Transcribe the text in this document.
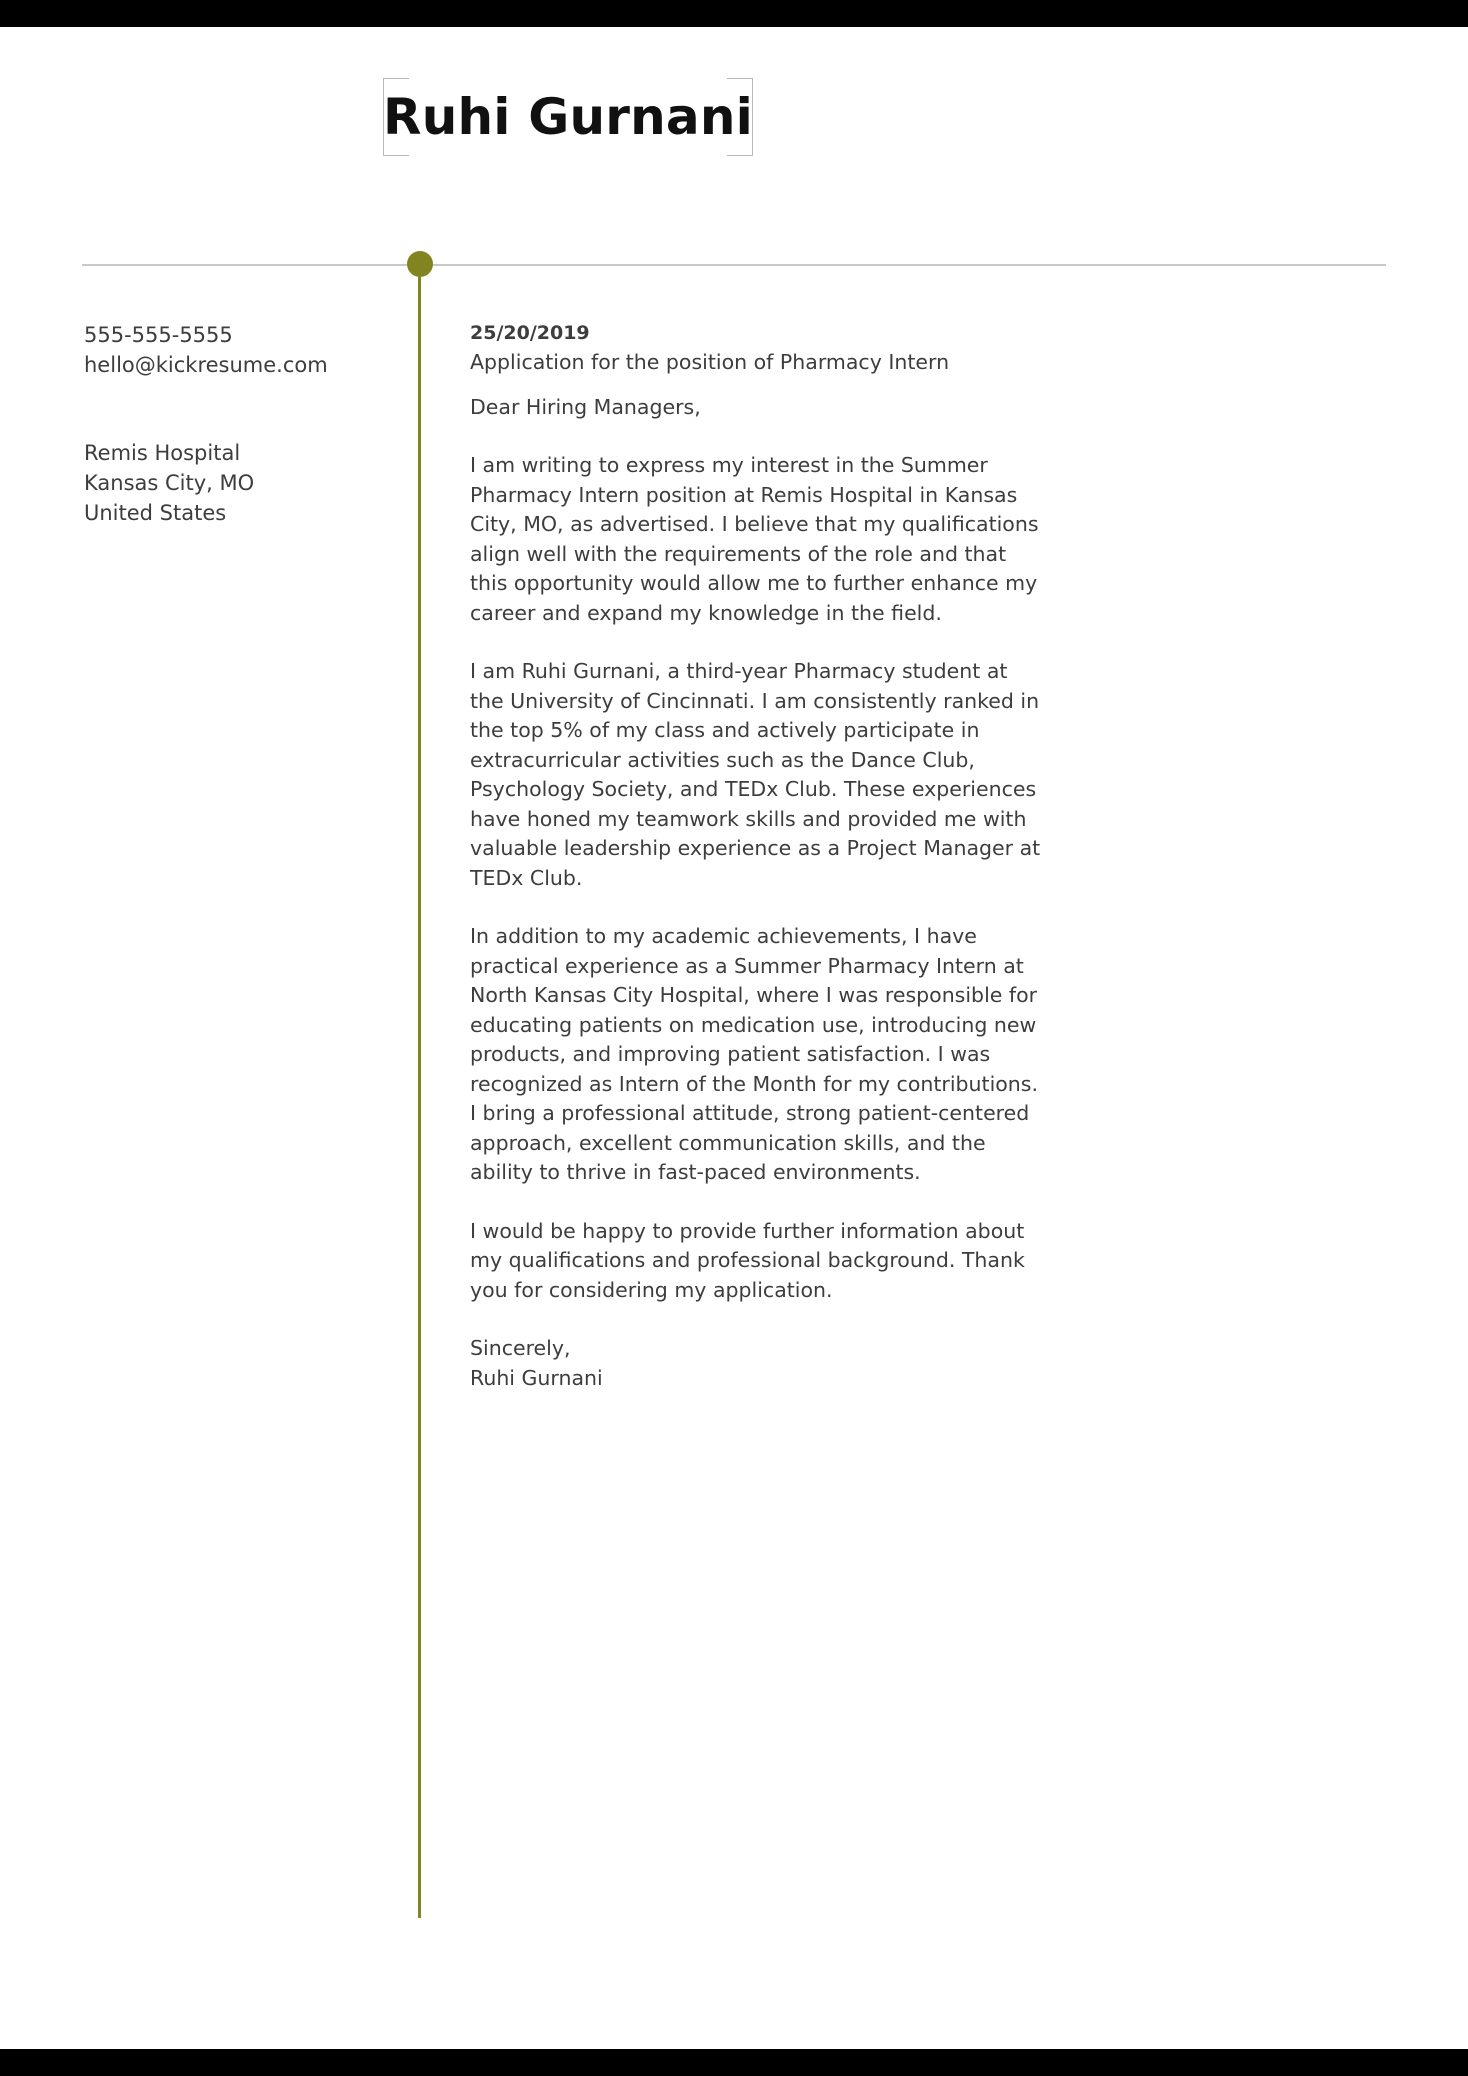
Ruhi Gurnani
555-555-5555
hello@kickresume.com
Remis Hospital
Kansas City, MO
United States
25/20/2019
Application for the position of Pharmacy Intern

Dear Hiring Managers,

I am writing to express my interest in the Summer Pharmacy Intern position at Remis Hospital in Kansas City, MO, as advertised. I believe that my qualifications align well with the requirements of the role and that this opportunity would allow me to further enhance my career and expand my knowledge in the field.

I am Ruhi Gurnani, a third-year Pharmacy student at the University of Cincinnati. I am consistently ranked in the top 5% of my class and actively participate in extracurricular activities such as the Dance Club, Psychology Society, and TEDx Club. These experiences have honed my teamwork skills and provided me with valuable leadership experience as a Project Manager at TEDx Club.

In addition to my academic achievements, I have practical experience as a Summer Pharmacy Intern at North Kansas City Hospital, where I was responsible for educating patients on medication use, introducing new products, and improving patient satisfaction. I was recognized as Intern of the Month for my contributions. I bring a professional attitude, strong patient-centered approach, excellent communication skills, and the ability to thrive in fast-paced environments.

I would be happy to provide further information about my qualifications and professional background. Thank you for considering my application.

Sincerely,
Ruhi Gurnani
